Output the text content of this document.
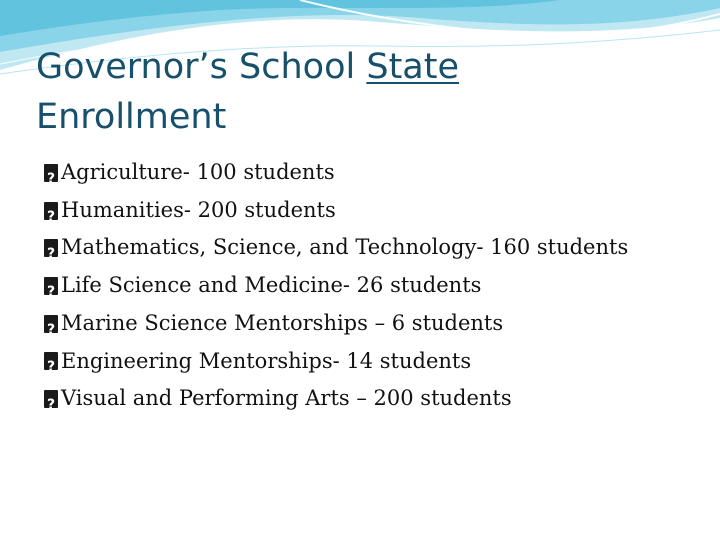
Governor’s School State
Enrollment
?
Agriculture- 100 students
?
Humanities- 200 students
?
Mathematics, Science, and Technology- 160 students
?
Life Science and Medicine- 26 students
?
Marine Science Mentorships – 6 students
?
Engineering Mentorships- 14 students
?
Visual and Performing Arts – 200 students
